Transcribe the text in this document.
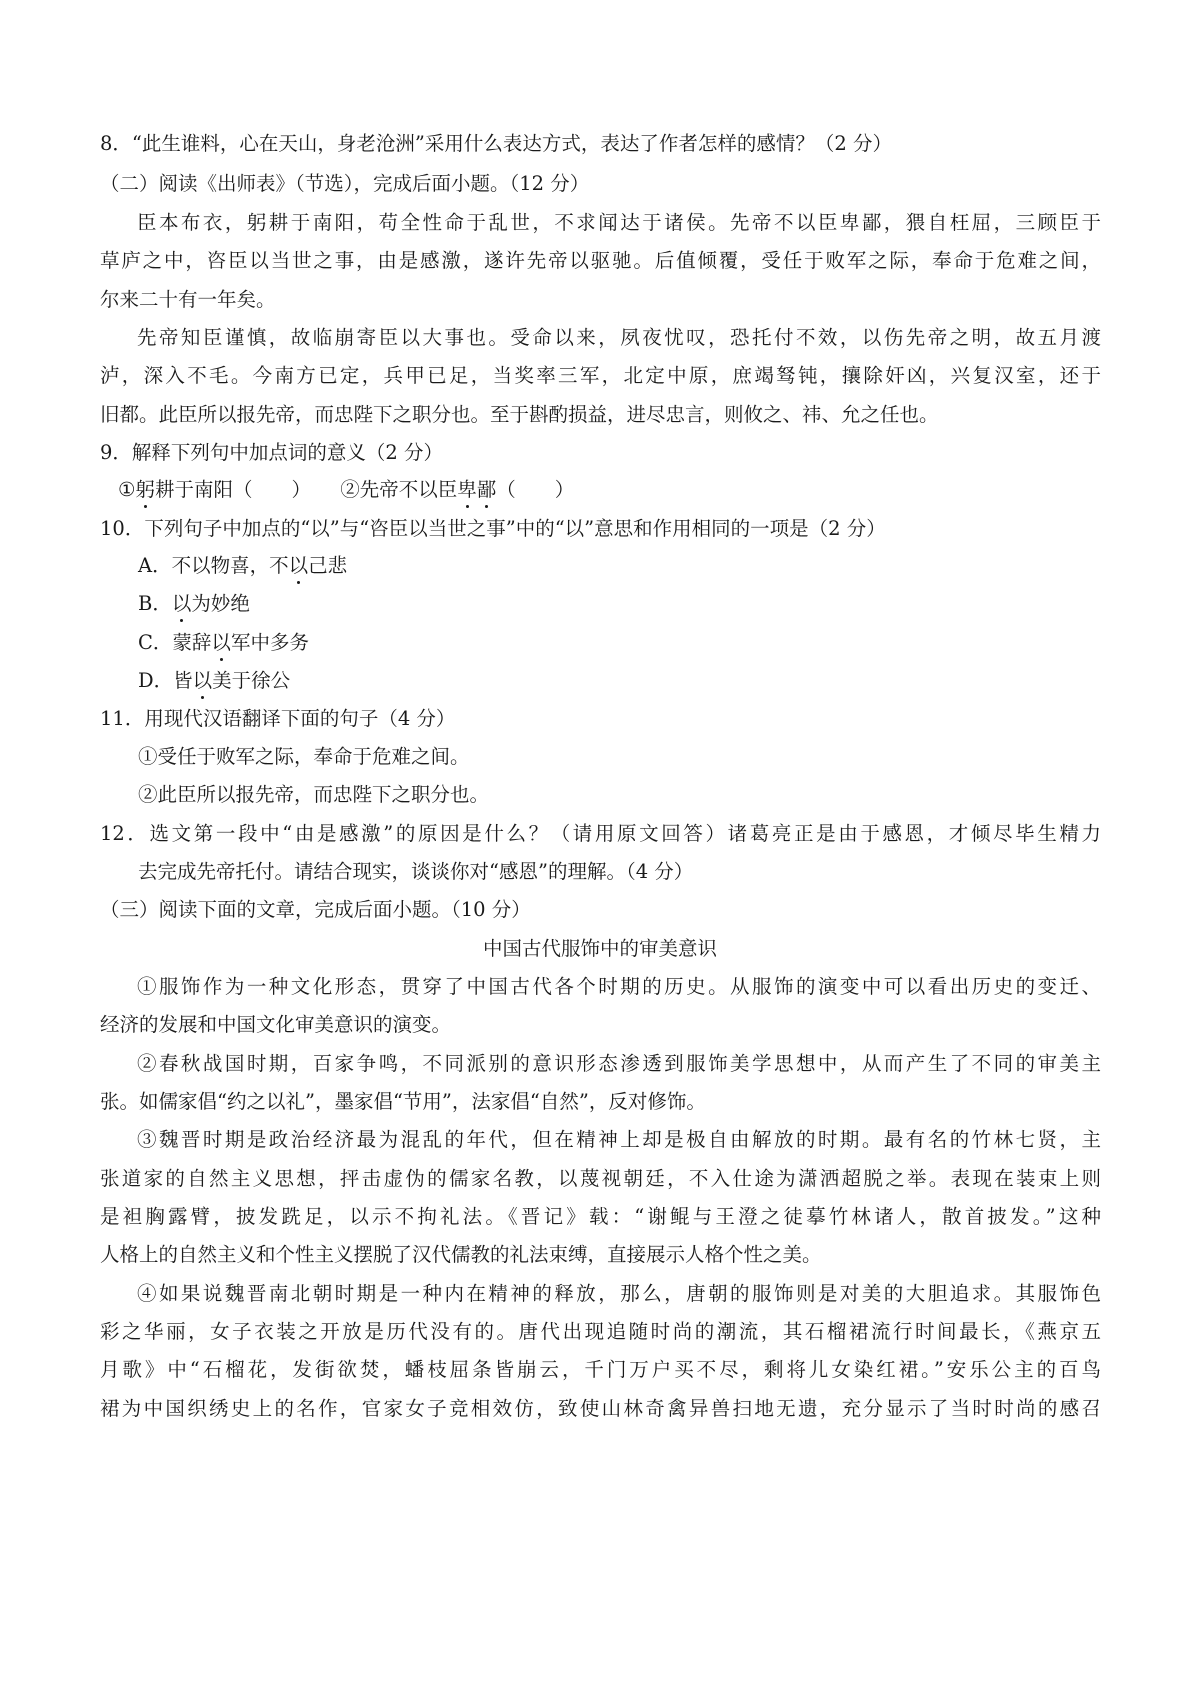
8．“此生谁料，心在天山，身老沧洲”采用什么表达方式，表达了作者怎样的感情？（2 分）
（二）阅读《出师表》（节选），完成后面小题。（12 分）
臣本布衣，躬耕于南阳，苟全性命于乱世，不求闻达于诸侯。先帝不以臣卑鄙，猥自枉屈，三顾臣于
草庐之中，咨臣以当世之事，由是感激，遂许先帝以驱驰。后值倾覆，受任于败军之际，奉命于危难之间，
尔来二十有一年矣。
先帝知臣谨慎，故临崩寄臣以大事也。受命以来，夙夜忧叹，恐托付不效，以伤先帝之明，故五月渡
泸，深入不毛。今南方已定，兵甲已足，当奖率三军，北定中原，庶竭驽钝，攘除奸凶，兴复汉室，还于
旧都。此臣所以报先帝，而忠陛下之职分也。至于斟酌损益，进尽忠言，则攸之、祎、允之任也。
9．解释下列句中加点词的意义（2 分）
①躬耕于南阳（　　）　　②先帝不以臣卑鄙（　　）
10．下列句子中加点的“以”与“咨臣以当世之事”中的“以”意思和作用相同的一项是（2 分）
A．不以物喜，不以己悲
B．以为妙绝
C．蒙辞以军中多务
D．皆以美于徐公
11．用现代汉语翻译下面的句子（4 分）
①受任于败军之际，奉命于危难之间。
②此臣所以报先帝，而忠陛下之职分也。
12．选文第一段中“由是感激”的原因是什么？（请用原文回答）诸葛亮正是由于感恩，才倾尽毕生精力
去完成先帝托付。请结合现实，谈谈你对“感恩”的理解。（4 分）
（三）阅读下面的文章，完成后面小题。（10 分）
中国古代服饰中的审美意识
①服饰作为一种文化形态，贯穿了中国古代各个时期的历史。从服饰的演变中可以看出历史的变迁、
经济的发展和中国文化审美意识的演变。
②春秋战国时期，百家争鸣，不同派别的意识形态渗透到服饰美学思想中，从而产生了不同的审美主
张。如儒家倡“约之以礼”，墨家倡“节用”，法家倡“自然”，反对修饰。
③魏晋时期是政治经济最为混乱的年代，但在精神上却是极自由解放的时期。最有名的竹林七贤，主
张道家的自然主义思想，抨击虚伪的儒家名教，以蔑视朝廷，不入仕途为潇洒超脱之举。表现在装束上则
是袒胸露臂，披发跣足，以示不拘礼法。《晋记》载：“谢鲲与王澄之徒摹竹林诸人，散首披发。”这种
人格上的自然主义和个性主义摆脱了汉代儒教的礼法束缚，直接展示人格个性之美。
④如果说魏晋南北朝时期是一种内在精神的释放，那么，唐朝的服饰则是对美的大胆追求。其服饰色
彩之华丽，女子衣装之开放是历代没有的。唐代出现追随时尚的潮流，其石榴裙流行时间最长，《燕京五
月歌》中“石榴花，发街欲焚，蟠枝屈条皆崩云，千门万户买不尽，剩将儿女染红裙。”安乐公主的百鸟
裙为中国织绣史上的名作，官家女子竞相效仿，致使山林奇禽异兽扫地无遗，充分显示了当时时尚的感召
